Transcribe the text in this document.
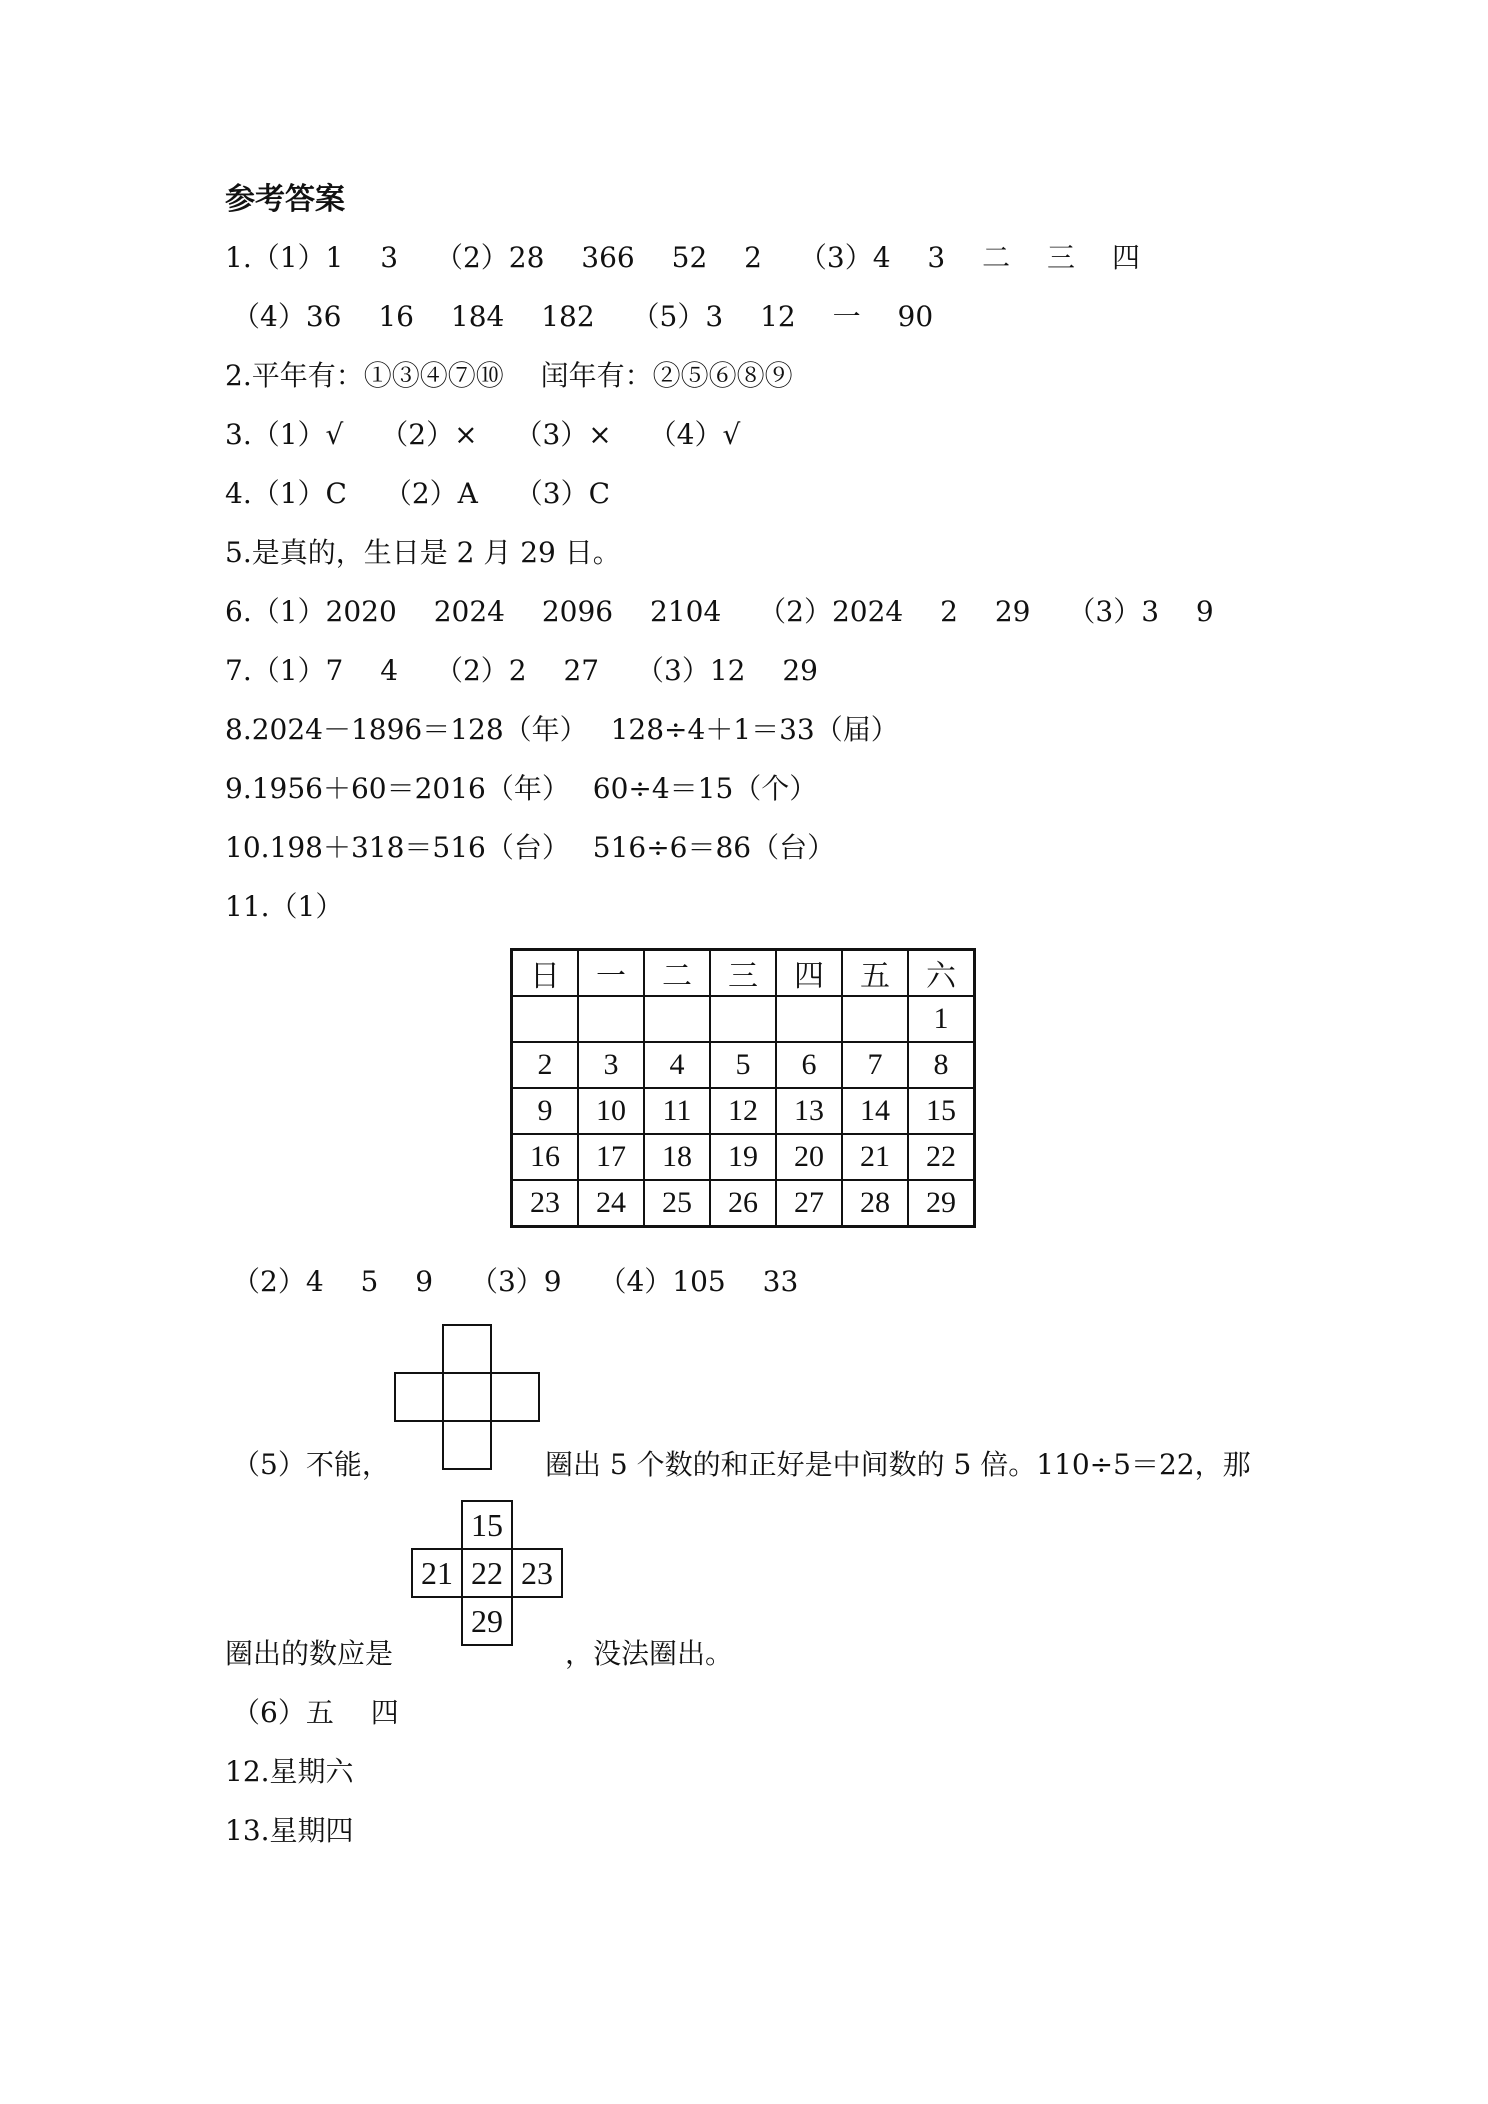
参考答案
1.（1）1　 3　 （2）28　 366　 52　 2　 （3）4　 3　 二　 三　 四
（4）36　 16　 184　 182　 （5）3　 12　 一　 90
2.平年有：①③④⑦⑩　 闰年有：②⑤⑥⑧⑨
3.（1）√　 （2）×　 （3）×　 （4）√
4.（1）C　 （2）A　 （3）C
5.是真的，生日是 2 月 29 日。
6.（1）2020　 2024　 2096　 2104　 （2）2024　 2　 29　 （3）3　 9
7.（1）7　 4　 （2）2　 27　 （3）12　 29
8.2024－1896＝128（年）　 128÷4＋1＝33（届）
9.1956＋60＝2016（年）　 60÷4＝15（个）
10.198＋318＝516（台）　 516÷6＝86（台）
11.（1）
日	一	二	三	四	五	六
						1
2	3	4	5	6	7	8
9	10	11	12	13	14	15
16	17	18	19	20	21	22
23	24	25	26	27	28	29
（2）4　 5　 9　 （3）9　 （4）105　 33
（5）不能，	圈出 5 个数的和正好是中间数的 5 倍。110÷5＝22，那
15
21 22 23
29
圈出的数应是	，没法圈出。
（6）五　 四
12.星期六
13.星期四
